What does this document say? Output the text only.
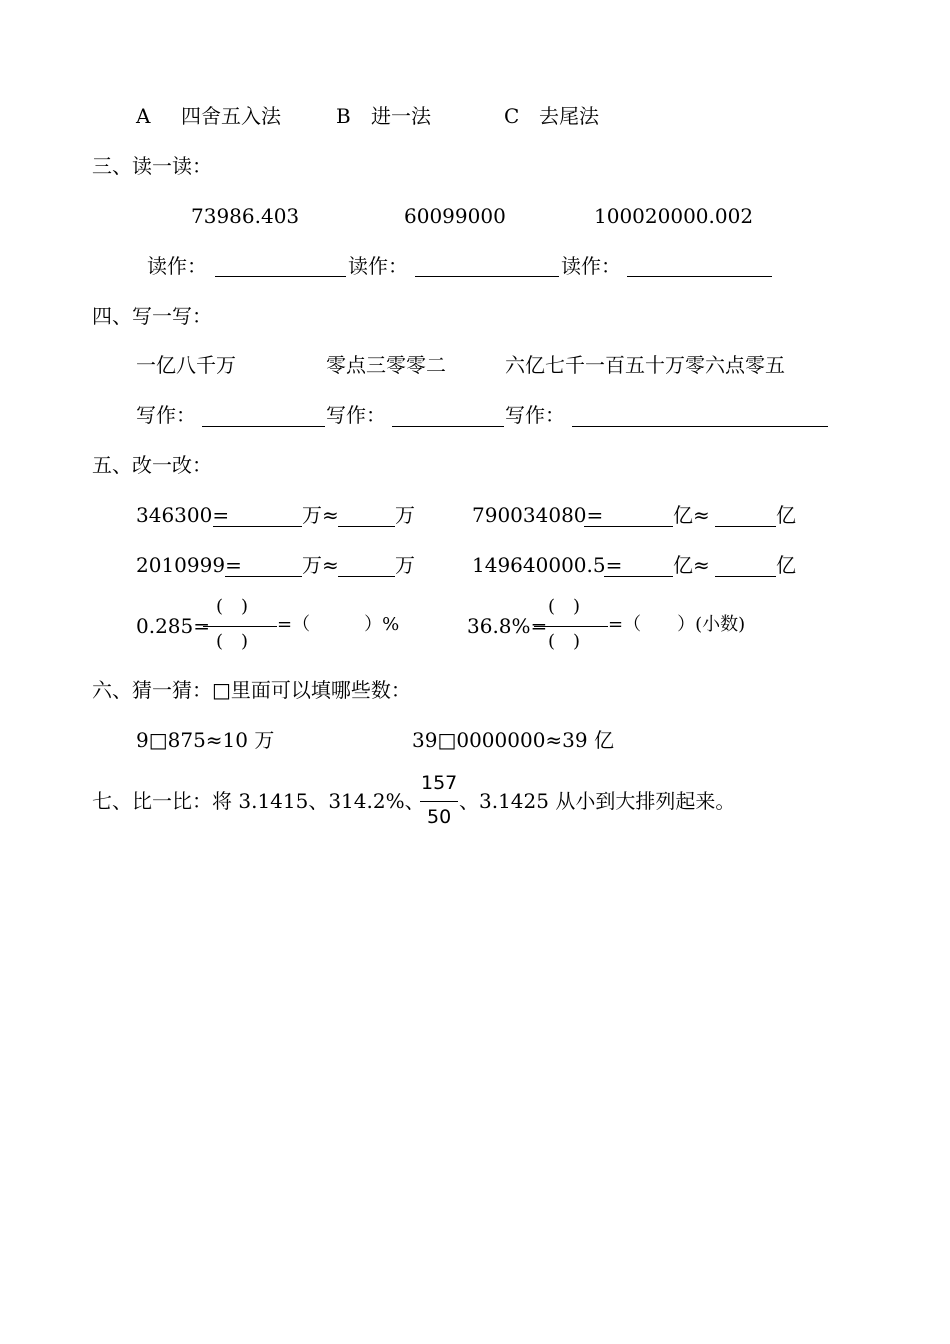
A 四舍五入法	B 进一法	C 去尾法
三、读一读：
73986.403	60099000	100020000.002
读作：	读作：	读作：
四、写一写：
一亿八千万	零点三零零二	六亿七千一百五十万零六点零五
写作：	写作：	写作：
五、改一改：
346300=	万≈	万	790034080=	亿≈	亿
2010999=	万≈	万	149640000.5=	亿≈	亿
0.285=
(　)
(　)
=（　　　）%	36.8%=
(　)
(　)
=（　　）(小数)
六、猜一猜：□里面可以填哪些数：
9□875≈10 万	39□0000000≈39 亿
七、比一比：将 3.1415、314.2%、
157
50
、3.1425 从小到大排列起来。
